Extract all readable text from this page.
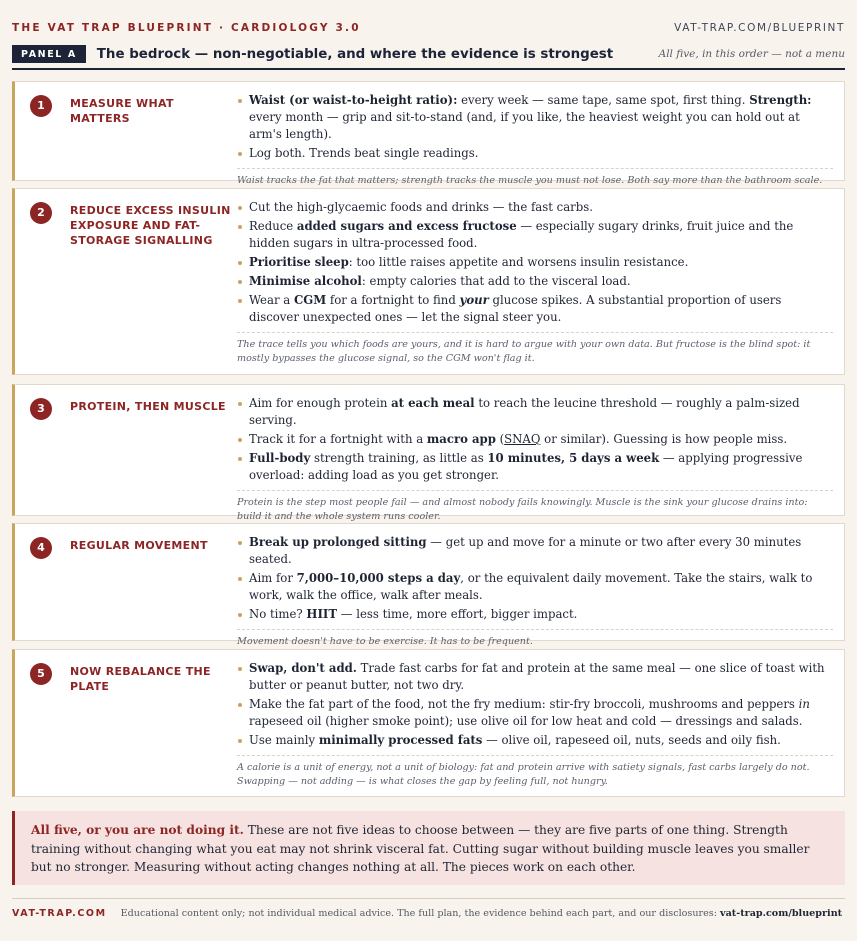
THE VAT TRAP BLUEPRINT · CARDIOLOGY 3.0	VAT-TRAP.COM/BLUEPRINT
PANEL A	The bedrock — non-negotiable, and where the evidence is strongest	All five, in this order — not a menu
1	MEASURE WHAT MATTERS
Waist (or waist-to-height ratio): every week — same tape, same spot, first thing. Strength: every month — grip and sit-to-stand (and, if you like, the heaviest weight you can hold out at arm's length).
Log both. Trends beat single readings.
Waist tracks the fat that matters; strength tracks the muscle you must not lose. Both say more than the bathroom scale.
2	REDUCE EXCESS INSULIN EXPOSURE AND FAT-STORAGE SIGNALLING
Cut the high-glycaemic foods and drinks — the fast carbs.
Reduce added sugars and excess fructose — especially sugary drinks, fruit juice and the hidden sugars in ultra-processed food.
Prioritise sleep: too little raises appetite and worsens insulin resistance.
Minimise alcohol: empty calories that add to the visceral load.
Wear a CGM for a fortnight to find your glucose spikes. A substantial proportion of users discover unexpected ones — let the signal steer you.
The trace tells you which foods are yours, and it is hard to argue with your own data. But fructose is the blind spot: it mostly bypasses the glucose signal, so the CGM won't flag it.
3	PROTEIN, THEN MUSCLE	Aim for enough protein at each meal to reach the leucine threshold — roughly a palm-sized serving.
Track it for a fortnight with a macro app (SNAQ or similar). Guessing is how people miss.
Full-body strength training, as little as 10 minutes, 5 days a week — applying progressive overload: adding load as you get stronger.
Protein is the step most people fail — and almost nobody fails knowingly. Muscle is the sink your glucose drains into: build it and the whole system runs cooler.
4	REGULAR MOVEMENT	Break up prolonged sitting — get up and move for a minute or two after every 30 minutes seated.
Aim for 7,000–10,000 steps a day, or the equivalent daily movement. Take the stairs, walk to work, walk the office, walk after meals.
No time? HIIT — less time, more effort, bigger impact.
Movement doesn't have to be exercise. It has to be frequent.
5	NOW REBALANCE THE PLATE
Swap, don't add. Trade fast carbs for fat and protein at the same meal — one slice of toast with butter or peanut butter, not two dry.
Make the fat part of the food, not the fry medium: stir-fry broccoli, mushrooms and peppers in rapeseed oil (higher smoke point); use olive oil for low heat and cold — dressings and salads.
Use mainly minimally processed fats — olive oil, rapeseed oil, nuts, seeds and oily fish.
A calorie is a unit of energy, not a unit of biology: fat and protein arrive with satiety signals, fast carbs largely do not. Swapping — not adding — is what closes the gap by feeling full, not hungry.
All five, or you are not doing it. These are not five ideas to choose between — they are five parts of one thing. Strength training without changing what you eat may not shrink visceral fat. Cutting sugar without building muscle leaves you smaller but no stronger. Measuring without acting changes nothing at all. The pieces work on each other.
VAT-TRAP.COM Educational content only; not individual medical advice. The full plan, the evidence behind each part, and our disclosures: vat-trap.com/blueprint
